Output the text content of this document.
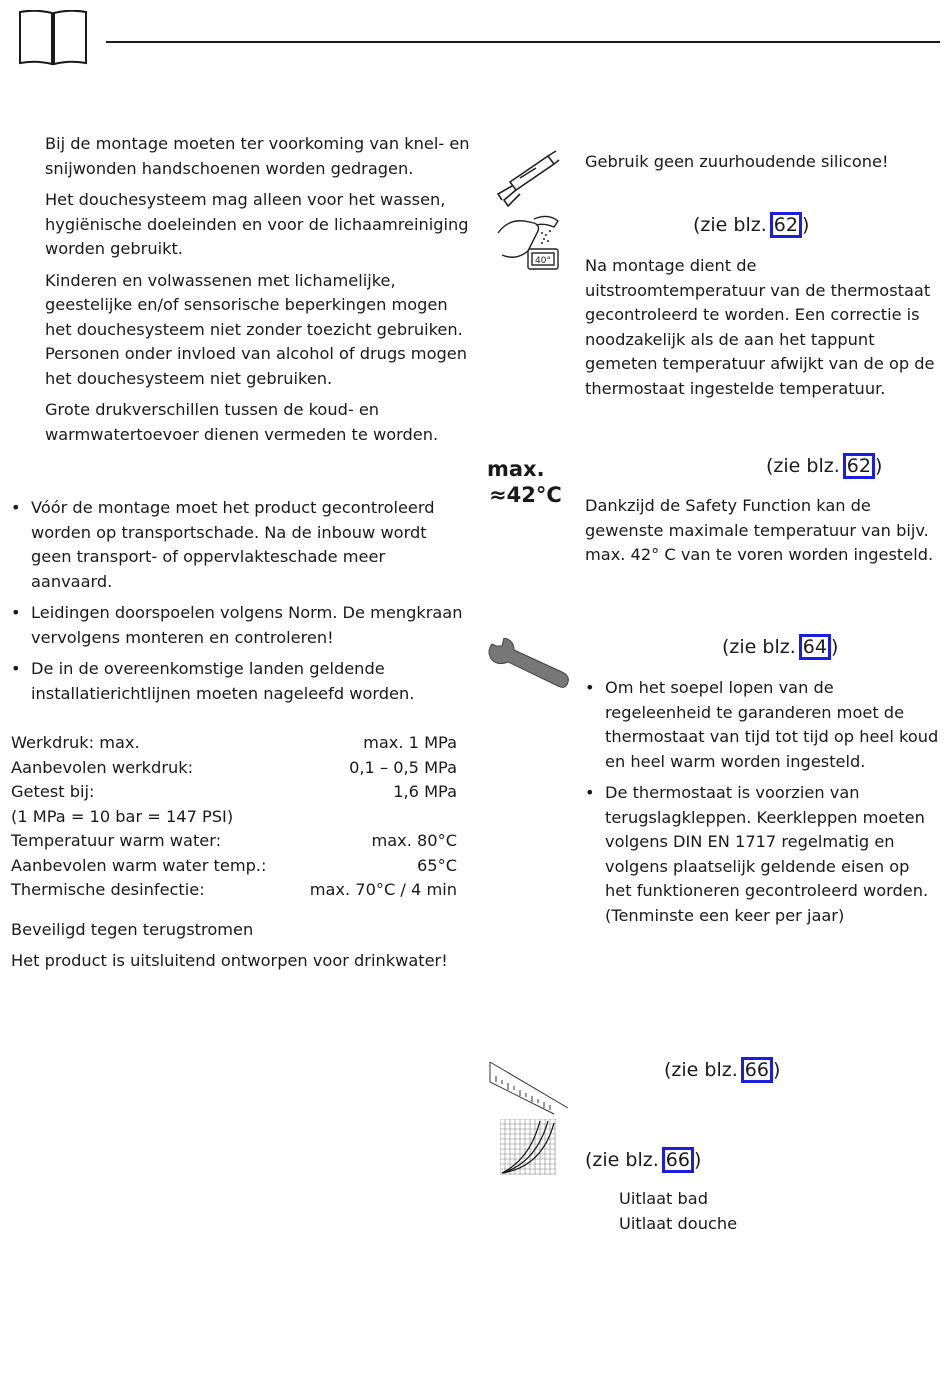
Bij de montage moeten ter voorkoming van knel- en snijwonden handschoenen worden gedragen.

Het douchesysteem mag alleen voor het wassen, hygiënische doeleinden en voor de lichaamreiniging worden gebruikt.

Kinderen en volwassenen met lichamelijke, geestelijke en/of sensorische beperkingen mogen het douchesysteem niet zonder toezicht gebruiken. Personen onder invloed van alcohol of drugs mogen het douchesysteem niet gebruiken.

Grote drukverschillen tussen de koud- en warmwatertoevoer dienen vermeden te worden.

• Vóór de montage moet het product gecontroleerd worden op transportschade. Na de inbouw wordt geen transport- of oppervlakteschade meer aanvaard.
• Leidingen doorspoelen volgens Norm. De mengkraan vervolgens monteren en controleren!
• De in de overeenkomstige landen geldende installatierichtlijnen moeten nageleefd worden.
Werkdruk: max.	max. 1 MPa
Aanbevolen werkdruk:	0,1 – 0,5 MPa
Getest bij:	1,6 MPa
(1 MPa = 10 bar = 147 PSI)
Temperatuur warm water:	max. 80°C
Aanbevolen warm water temp.:	65°C
Thermische desinfectie:	max. 70°C / 4 min

Beveiligd tegen terugstromen

Het product is uitsluitend ontworpen voor drinkwater!

Gebruik geen zuurhoudende silicone!

40°
(zie blz. 62 )

Na montage dient de uitstroomtemperatuur van de thermostaat gecontroleerd te worden. Een correctie is noodzakelijk als de aan het tappunt gemeten temperatuur afwijkt van de op de thermostaat ingestelde temperatuur.

max.
≈42°C
(zie blz. 62 )

Dankzijd de Safety Function kan de gewenste maximale temperatuur van bijv. max. 42° C van te voren worden ingesteld.

(zie blz. 64 )
• Om het soepel lopen van de regeleenheid te garanderen moet de thermostaat van tijd tot tijd op heel koud en heel warm worden ingesteld.
• De thermostaat is voorzien van terugslagkleppen. Keerkleppen moeten volgens DIN EN 1717 regelmatig en volgens plaatselijk geldende eisen op het funktioneren gecontroleerd worden. (Tenminste een keer per jaar)
(zie blz. 66 )
(zie blz. 66 )

Uitlaat bad

Uitlaat douche
